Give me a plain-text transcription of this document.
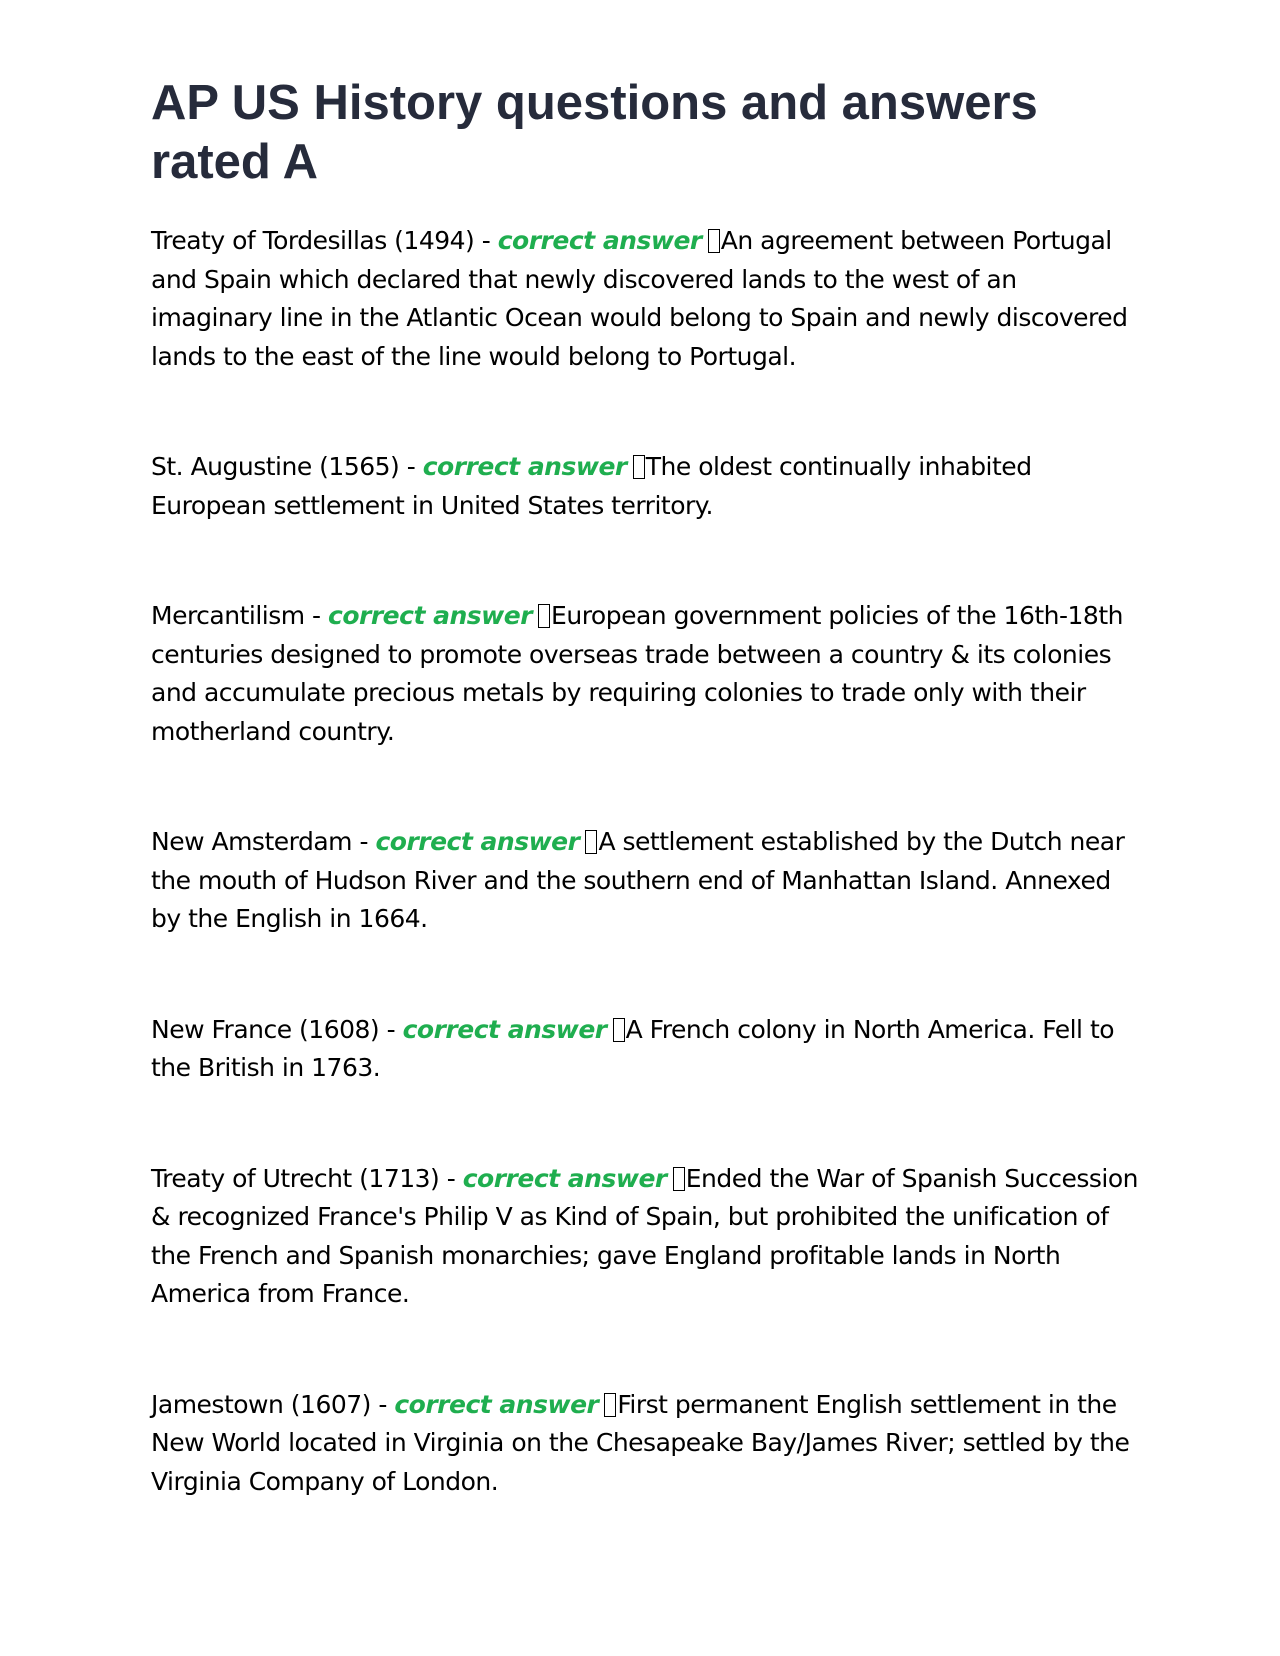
AP US History questions and answers rated A

Treaty of Tordesillas (1494) - correct answer An agreement between Portugal and Spain which declared that newly discovered lands to the west of an imaginary line in the Atlantic Ocean would belong to Spain and newly discovered lands to the east of the line would belong to Portugal.

St. Augustine (1565) - correct answer The oldest continually inhabited European settlement in United States territory.

Mercantilism - correct answer European government policies of the 16th-18th centuries designed to promote overseas trade between a country & its colonies and accumulate precious metals by requiring colonies to trade only with their motherland country.

New Amsterdam - correct answer A settlement established by the Dutch near the mouth of Hudson River and the southern end of Manhattan Island. Annexed by the English in 1664.

New France (1608) - correct answer A French colony in North America. Fell to the British in 1763.

Treaty of Utrecht (1713) - correct answer Ended the War of Spanish Succession & recognized France's Philip V as Kind of Spain, but prohibited the unification of the French and Spanish monarchies; gave England profitable lands in North America from France.

Jamestown (1607) - correct answer First permanent English settlement in the New World located in Virginia on the Chesapeake Bay/James River; settled by the Virginia Company of London.
